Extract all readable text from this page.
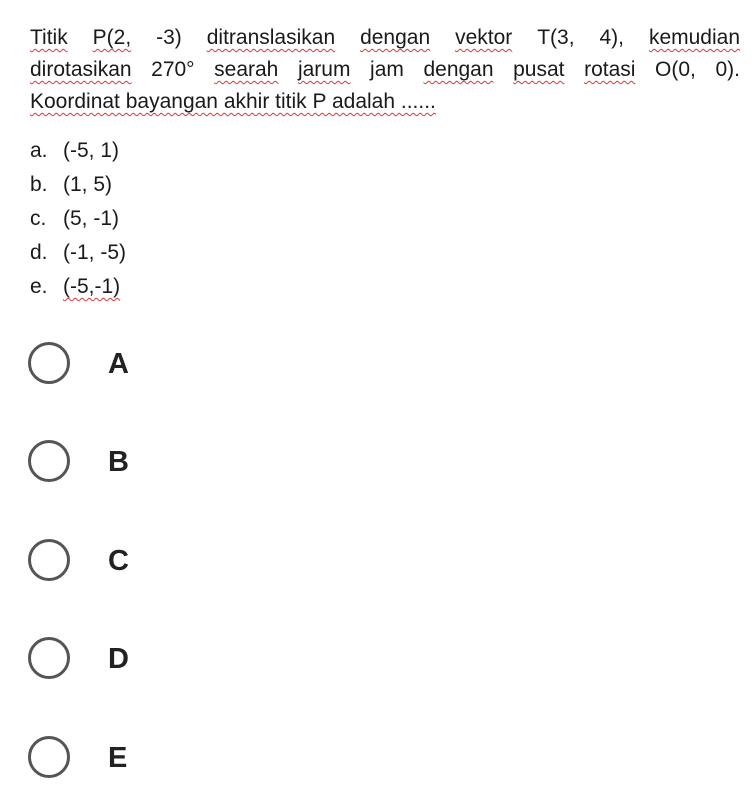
Titik P(2, -3) ditranslasikan dengan vektor T(3, 4), kemudian
dirotasikan 270° searah jarum jam dengan pusat rotasi O(0, 0).
Koordinat bayangan akhir titik P adalah ......
a. (-5, 1)
b. (1, 5)
c. (5, -1)
d. (-1, -5)
e. (-5,-1)
A
B
C
D
E
